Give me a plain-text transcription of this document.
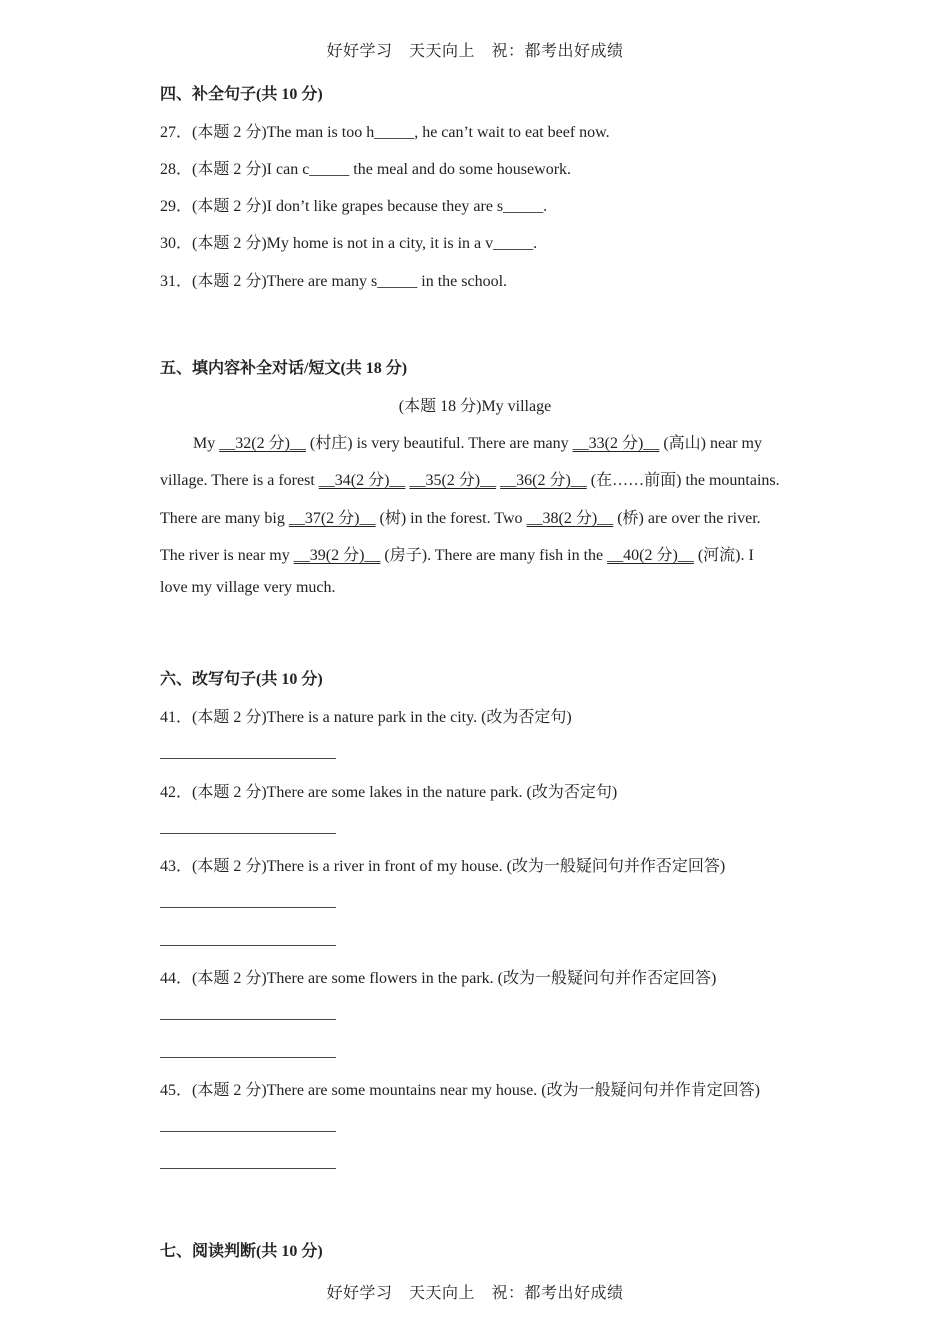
好好学习　天天向上　祝：都考出好成绩
四、补全句子(共 10 分)
27．(本题 2 分)The man is too h_____, he can’t wait to eat beef now.
28．(本题 2 分)I can c_____ the meal and do some housework.
29．(本题 2 分)I don’t like grapes because they are s_____.
30．(本题 2 分)My home is not in a city, it is in a v_____.
31．(本题 2 分)There are many s_____ in the school.
五、填内容补全对话/短文(共 18 分)
(本题 18 分)My village
My __32(2 分)__ (村庄) is very beautiful. There are many __33(2 分)__ (高山) near my
village. There is a forest __34(2 分)__ __35(2 分)__ __36(2 分)__ (在……前面) the mountains.
There are many big __37(2 分)__ (树) in the forest. Two __38(2 分)__ (桥) are over the river.
The river is near my __39(2 分)__ (房子). There are many fish in the __40(2 分)__ (河流). I
love my village very much.
六、改写句子(共 10 分)
41．(本题 2 分)There is a nature park in the city. (改为否定句)
42．(本题 2 分)There are some lakes in the nature park. (改为否定句)
43．(本题 2 分)There is a river in front of my house. (改为一般疑问句并作否定回答)
44．(本题 2 分)There are some flowers in the park. (改为一般疑问句并作否定回答)
45．(本题 2 分)There are some mountains near my house. (改为一般疑问句并作肯定回答)
七、阅读判断(共 10 分)
好好学习　天天向上　祝：都考出好成绩
